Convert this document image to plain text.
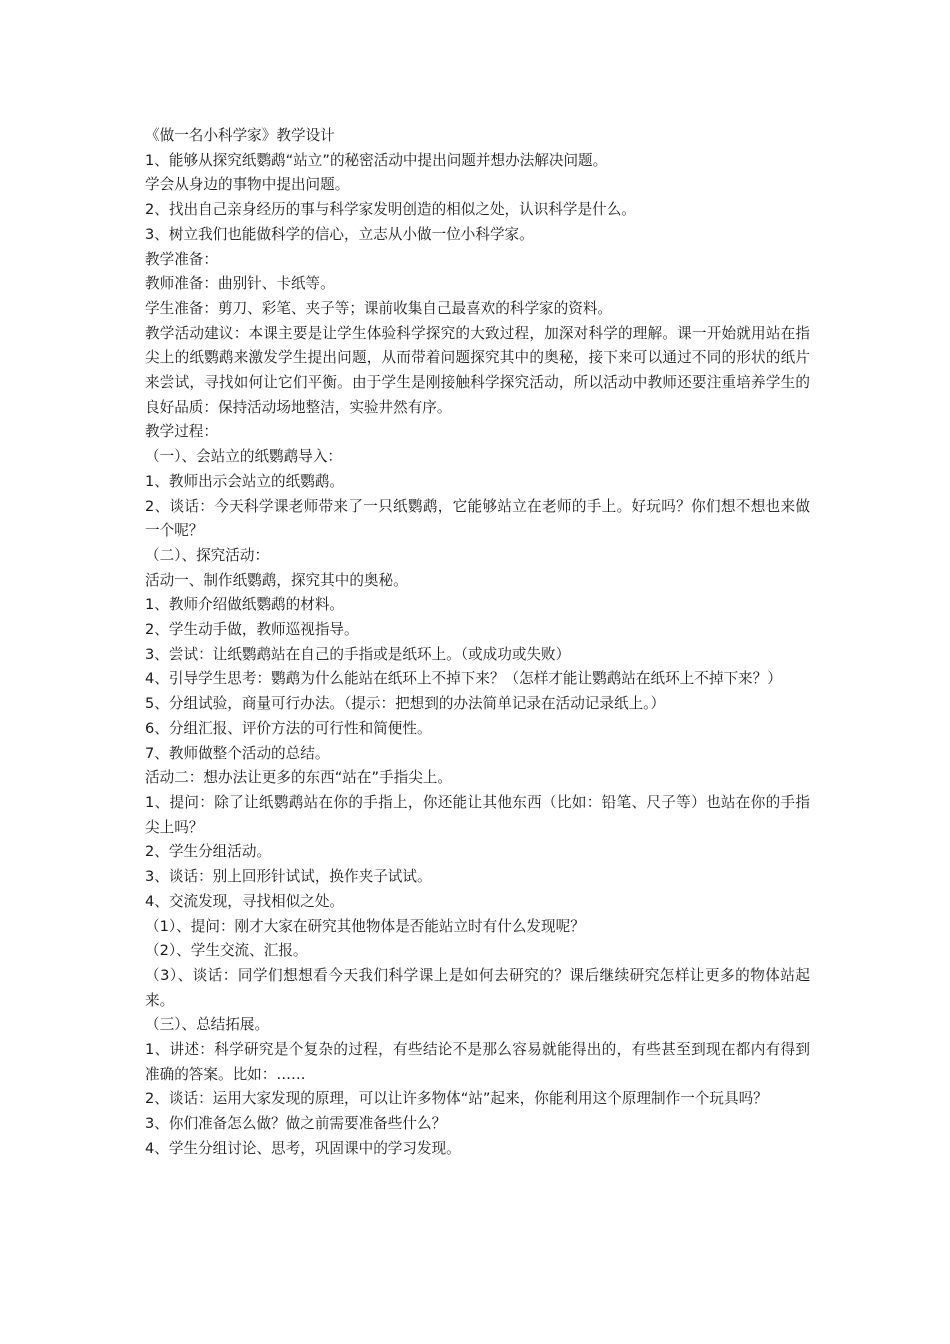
《做一名小科学家》教学设计

1、能够从探究纸鹦鹉“站立”的秘密活动中提出问题并想办法解决问题。

学会从身边的事物中提出问题。

2、找出自己亲身经历的事与科学家发明创造的相似之处，认识科学是什么。

3、树立我们也能做科学的信心，立志从小做一位小科学家。

教学准备：

教师准备：曲别针、卡纸等。

学生准备：剪刀、彩笔、夹子等；课前收集自己最喜欢的科学家的资料。

教学活动建议：本课主要是让学生体验科学探究的大致过程，加深对科学的理解。课一开始就用站在指尖上的纸鹦鹉来激发学生提出问题，从而带着问题探究其中的奥秘，接下来可以通过不同的形状的纸片来尝试，寻找如何让它们平衡。由于学生是刚接触科学探究活动，所以活动中教师还要注重培养学生的良好品质：保持活动场地整洁，实验井然有序。

教学过程：

（一）、会站立的纸鹦鹉导入：

1、教师出示会站立的纸鹦鹉。

2、谈话：今天科学课老师带来了一只纸鹦鹉，它能够站立在老师的手上。好玩吗？你们想不想也来做一个呢？

（二）、探究活动：

活动一、制作纸鹦鹉，探究其中的奥秘。

1、教师介绍做纸鹦鹉的材料。

2、学生动手做，教师巡视指导。

3、尝试：让纸鹦鹉站在自己的手指或是纸环上。（或成功或失败）

4、引导学生思考：鹦鹉为什么能站在纸环上不掉下来？（怎样才能让鹦鹉站在纸环上不掉下来？）

5、分组试验，商量可行办法。（提示：把想到的办法简单记录在活动记录纸上。）

6、分组汇报、评价方法的可行性和简便性。

7、教师做整个活动的总结。

活动二：想办法让更多的东西“站在”手指尖上。

1、提问：除了让纸鹦鹉站在你的手指上，你还能让其他东西（比如：铅笔、尺子等）也站在你的手指尖上吗？

2、学生分组活动。

3、谈话：别上回形针试试，换作夹子试试。

4、交流发现，寻找相似之处。

（1）、提问：刚才大家在研究其他物体是否能站立时有什么发现呢？

（2）、学生交流、汇报。

（3）、谈话：同学们想想看今天我们科学课上是如何去研究的？课后继续研究怎样让更多的物体站起来。

（三）、总结拓展。

1、讲述：科学研究是个复杂的过程，有些结论不是那么容易就能得出的，有些甚至到现在都内有得到准确的答案。比如：……

2、谈话：运用大家发现的原理，可以让许多物体“站”起来，你能利用这个原理制作一个玩具吗？

3、你们准备怎么做？做之前需要准备些什么？

4、学生分组讨论、思考，巩固课中的学习发现。
